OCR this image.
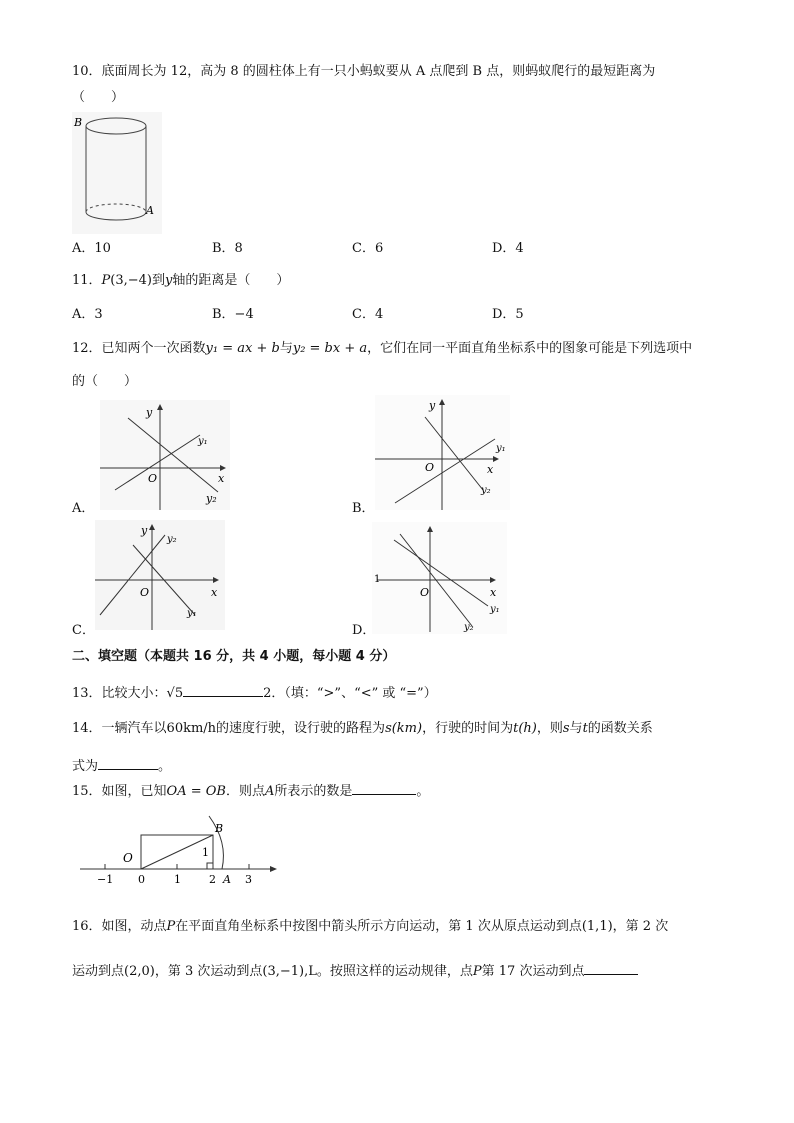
10．底面周长为 12，高为 8 的圆柱体上有一只小蚂蚁要从 A 点爬到 B 点，则蚂蚁爬行的最短距离为
（　　）
B
A
A．10	B．8	C．6	D．4
11．P(3,−4)到y轴的距离是（　　）
A．3	B．−4	C．4	D．5
12．已知两个一次函数y₁ = ax + b与y₂ = bx + a，它们在同一平面直角坐标系中的图象可能是下列选项中
的（　　）
y
x
O
y₁
y₂
A．
y
x
O
y₁
y₂
B．
y
x
O
y₂
y₁
C．
1
O	x
y₁
y₂
D．
二、填空题（本题共 16 分，共 4 小题，每小题 4 分）
13．比较大小：√5	2．（填：“>”、“<” 或 “=”）
14．一辆汽车以60km/h的速度行驶，设行驶的路程为s(km)，行驶的时间为t(h)，则s与t的函数关系
式为	。
15．如图，已知OA = OB．则点A所表示的数是	。
O
B
1
A
−1 0	1	2	3
16．如图，动点P在平面直角坐标系中按图中箭头所示方向运动，第 1 次从原点运动到点(1,1)，第 2 次
运动到点(2,0)，第 3 次运动到点(3,−1),L。按照这样的运动规律，点P第 17 次运动到点
